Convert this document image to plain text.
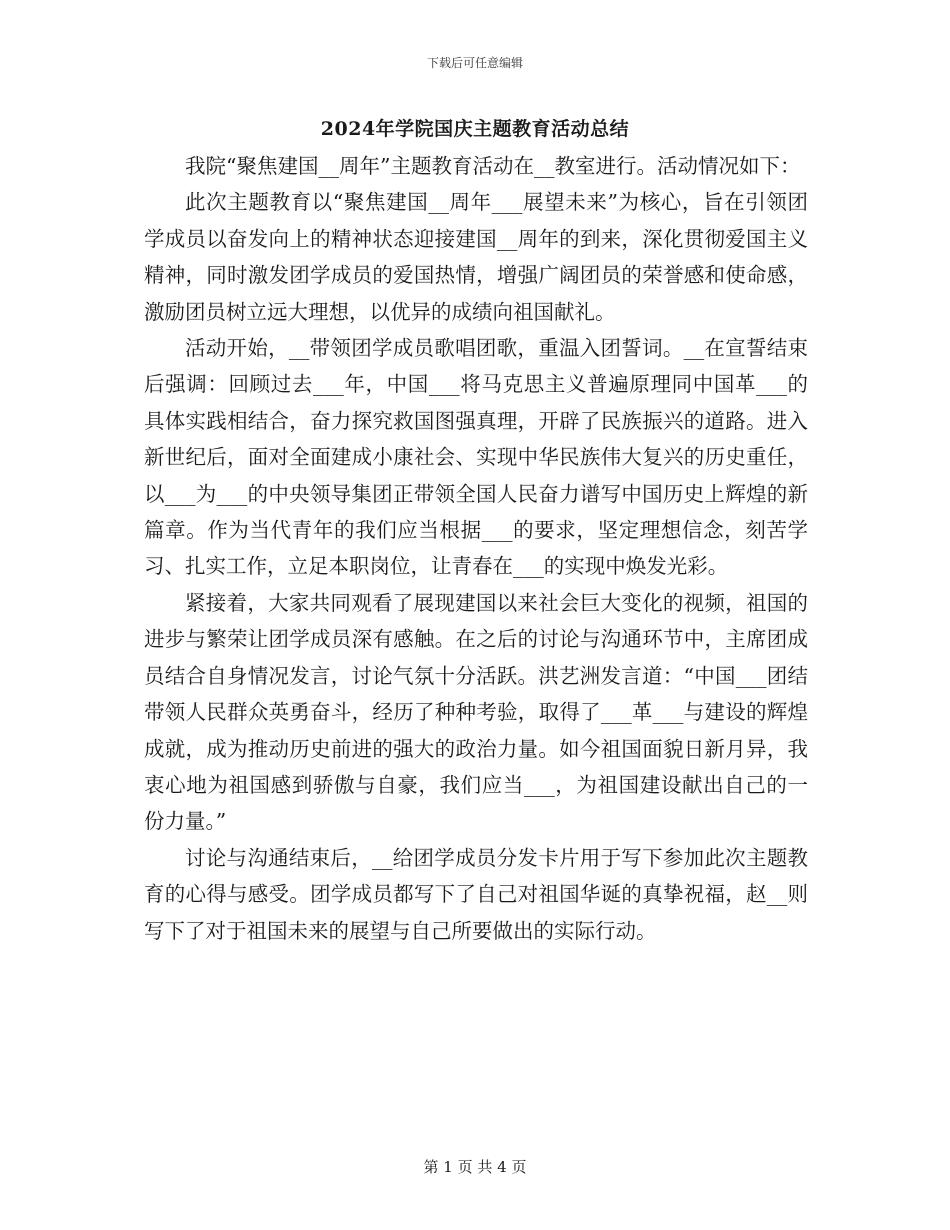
下载后可任意编辑
2024年学院国庆主题教育活动总结

我院“聚焦建国__周年”主题教育活动在__教室进行。活动情况如下：

此次主题教育以“聚焦建国__周年___展望未来”为核心，旨在引领团学成员以奋发向上的精神状态迎接建国__周年的到来，深化贯彻爱国主义精神，同时激发团学成员的爱国热情，增强广阔团员的荣誉感和使命感，激励团员树立远大理想，以优异的成绩向祖国献礼。

活动开始，__带领团学成员歌唱团歌，重温入团誓词。__在宣誓结束后强调：回顾过去___年，中国___将马克思主义普遍原理同中国革___的具体实践相结合，奋力探究救国图强真理，开辟了民族振兴的道路。进入新世纪后，面对全面建成小康社会、实现中华民族伟大复兴的历史重任，以___为___的中央领导集团正带领全国人民奋力谱写中国历史上辉煌的新篇章。作为当代青年的我们应当根据___的要求，坚定理想信念，刻苦学习、扎实工作，立足本职岗位，让青春在___的实现中焕发光彩。

紧接着，大家共同观看了展现建国以来社会巨大变化的视频，祖国的进步与繁荣让团学成员深有感触。在之后的讨论与沟通环节中，主席团成员结合自身情况发言，讨论气氛十分活跃。洪艺洲发言道：“中国___团结带领人民群众英勇奋斗，经历了种种考验，取得了___革___与建设的辉煌成就，成为推动历史前进的强大的政治力量。如今祖国面貌日新月异，我衷心地为祖国感到骄傲与自豪，我们应当___，为祖国建设献出自己的一份力量。”

讨论与沟通结束后，__给团学成员分发卡片用于写下参加此次主题教育的心得与感受。团学成员都写下了自己对祖国华诞的真挚祝福，赵__则写下了对于祖国未来的展望与自己所要做出的实际行动。

第 1 页 共 4 页
